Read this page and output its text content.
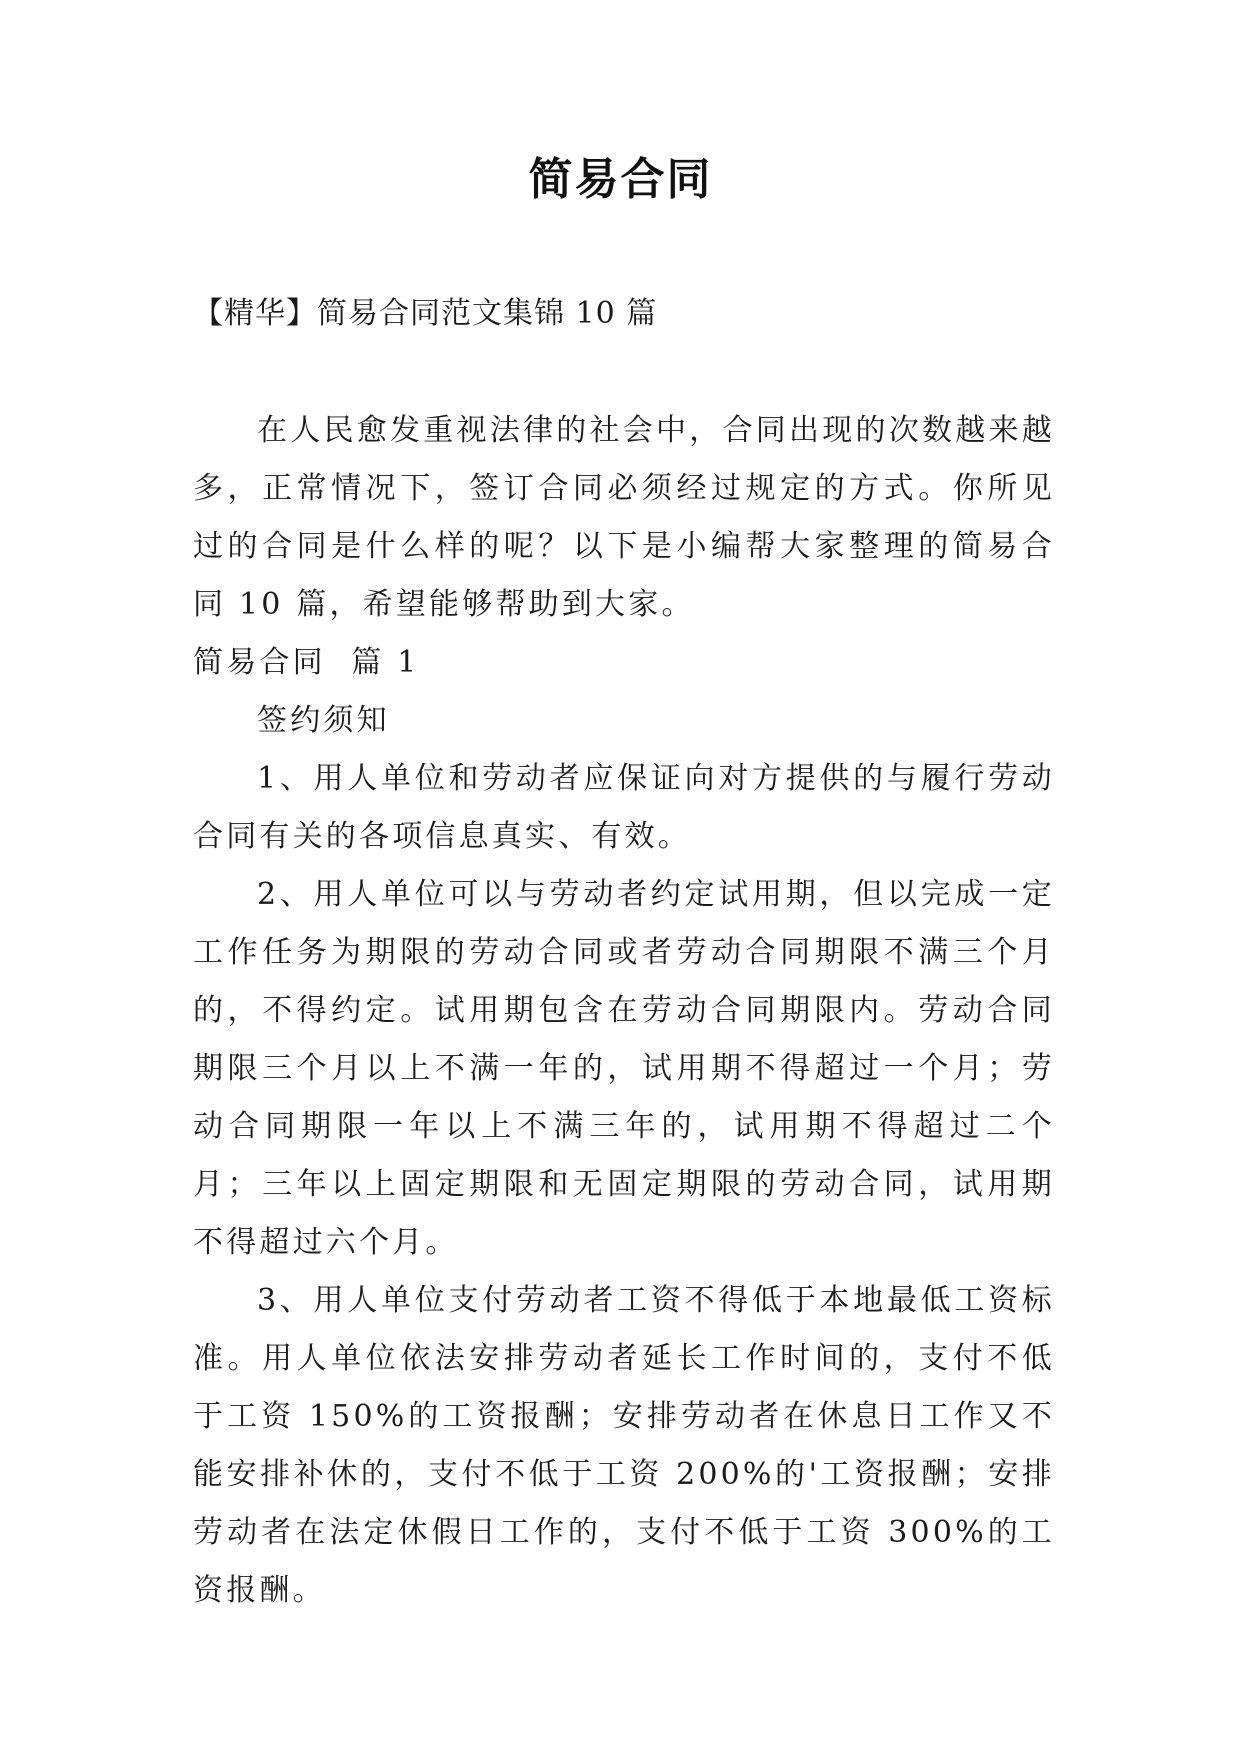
简易合同

【精华】简易合同范文集锦 10 篇

在人民愈发重视法律的社会中，合同出现的次数越来越多，正常情况下，签订合同必须经过规定的方式。你所见过的合同是什么样的呢？以下是小编帮大家整理的简易合同 10 篇，希望能够帮助到大家。

简易合同  篇 1

签约须知

1、用人单位和劳动者应保证向对方提供的与履行劳动合同有关的各项信息真实、有效。

2、用人单位可以与劳动者约定试用期，但以完成一定工作任务为期限的劳动合同或者劳动合同期限不满三个月的，不得约定。试用期包含在劳动合同期限内。劳动合同期限三个月以上不满一年的，试用期不得超过一个月；劳动合同期限一年以上不满三年的，试用期不得超过二个月；三年以上固定期限和无固定期限的劳动合同，试用期不得超过六个月。

3、用人单位支付劳动者工资不得低于本地最低工资标准。用人单位依法安排劳动者延长工作时间的，支付不低于工资 150%的工资报酬；安排劳动者在休息日工作又不能安排补休的，支付不低于工资 200%的'工资报酬；安排劳动者在法定休假日工作的，支付不低于工资 300%的工资报酬。
